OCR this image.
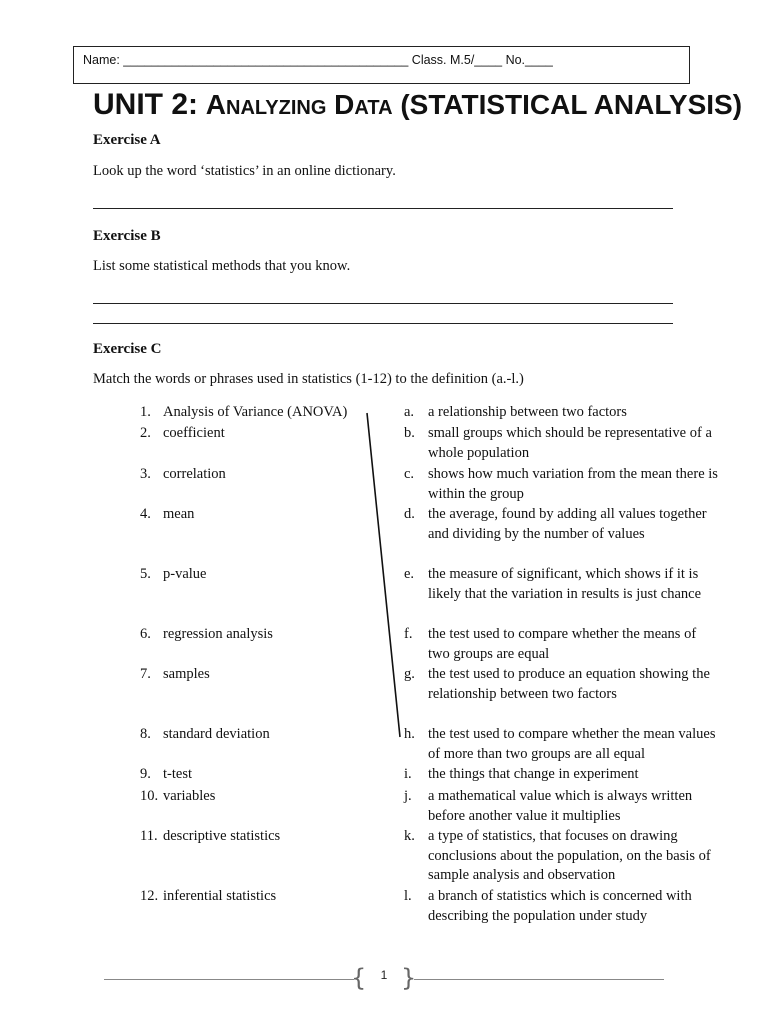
Name: _________________________________________ Class. M.5/____ No.____
UNIT 2: Analyzing Data (STATISTICAL ANALYSIS)
Exercise A
Look up the word ‘statistics’ in an online dictionary.
Exercise B
List some statistical methods that you know.
Exercise C
Match the words or phrases used in statistics (1-12) to the definition (a.-l.)
1. Analysis of Variance (ANOVA)
2. coefficient
3. correlation
4. mean
5. p-value
6. regression analysis
7. samples
8. standard deviation
9. t-test
10. variables
11. descriptive statistics
12. inferential statistics
a. a relationship between two factors
b. small groups which should be representative of a whole population
c. shows how much variation from the mean there is within the group
d. the average, found by adding all values together and dividing by the number of values
e. the measure of significant, which shows if it is likely that the variation in results is just chance
f. the test used to compare whether the means of two groups are equal
g. the test used to produce an equation showing the relationship between two factors
h. the test used to compare whether the mean values of more than two groups are all equal
i. the things that change in experiment
j. a mathematical value which is always written before another value it multiplies
k. a type of statistics, that focuses on drawing conclusions about the population, on the basis of sample analysis and observation
l. a branch of statistics which is concerned with describing the population under study
{	1 }
